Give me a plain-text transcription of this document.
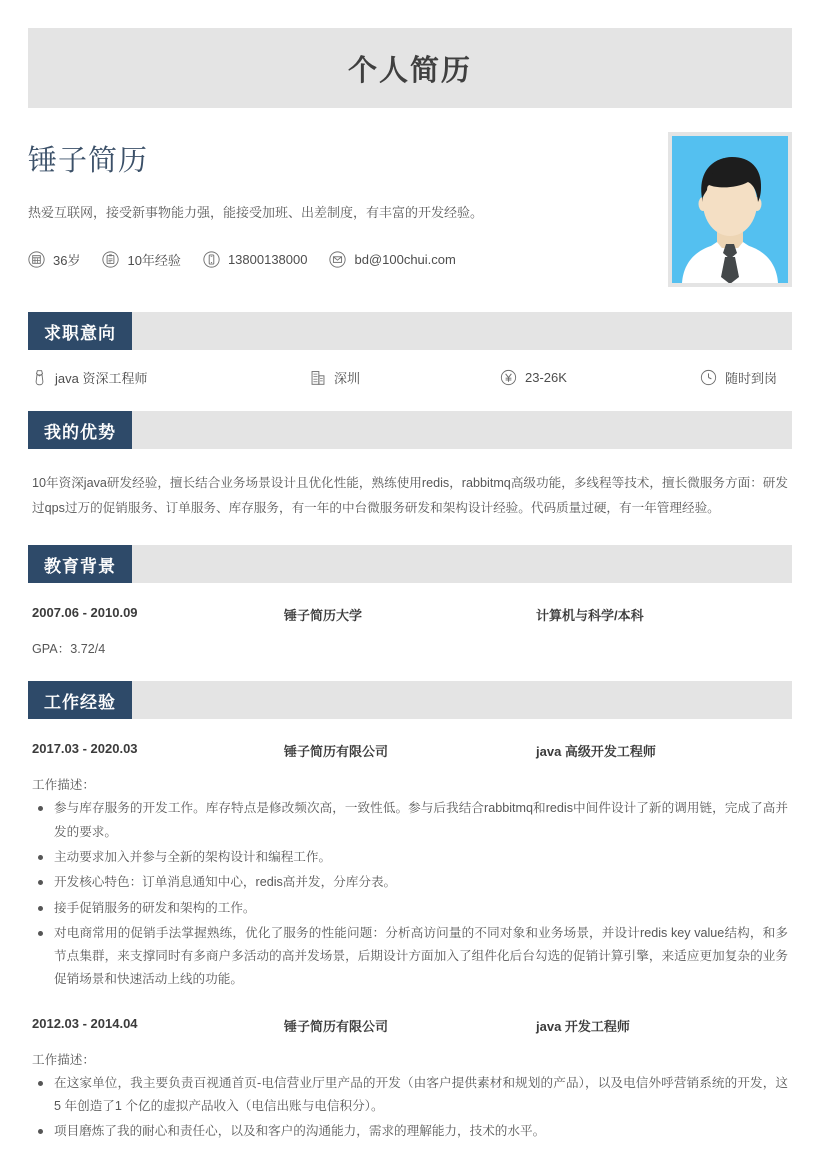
个人简历
锤子简历
热爱互联网，接受新事物能力强，能接受加班、出差制度，有丰富的开发经验。
36岁	10年经验	13800138000	bd@100chui.com
求职意向
java 资深工程师	深圳	23-26K	随时到岗
我的优势
10年资深java研发经验，擅长结合业务场景设计且优化性能，熟练使用redis，rabbitmq高级功能，多线程等技术，擅长微服务方面：研发过qps过万的促销服务、订单服务、库存服务，有一年的中台微服务研发和架构设计经验。代码质量过硬，有一年管理经验。
教育背景
2007.06 - 2010.09	锤子简历大学	计算机与科学/本科
GPA：3.72/4
工作经验
2017.03 - 2020.03	锤子简历有限公司	java 高级开发工程师
工作描述：
参与库存服务的开发工作。库存特点是修改频次高，一致性低。参与后我结合rabbitmq和redis中间件设计了新的调用链，完成了高并发的要求。
主动要求加入并参与全新的架构设计和编程工作。
开发核心特色：订单消息通知中心，redis高并发，分库分表。
接手促销服务的研发和架构的工作。
对电商常用的促销手法掌握熟练，优化了服务的性能问题：分析高访问量的不同对象和业务场景，并设计redis key value结构，和多节点集群，来支撑同时有多商户多活动的高并发场景，后期设计方面加入了组件化后台勾选的促销计算引擎，来适应更加复杂的业务促销场景和快速活动上线的功能。
2012.03 - 2014.04	锤子简历有限公司	java 开发工程师
工作描述：
在这家单位，我主要负责百视通首页-电信营业厅里产品的开发（由客户提供素材和规划的产品），以及电信外呼营销系统的开发，这5 年创造了1 个亿的虚拟产品收入（电信出账与电信积分）。
项目磨炼了我的耐心和责任心，以及和客户的沟通能力，需求的理解能力，技术的水平。
